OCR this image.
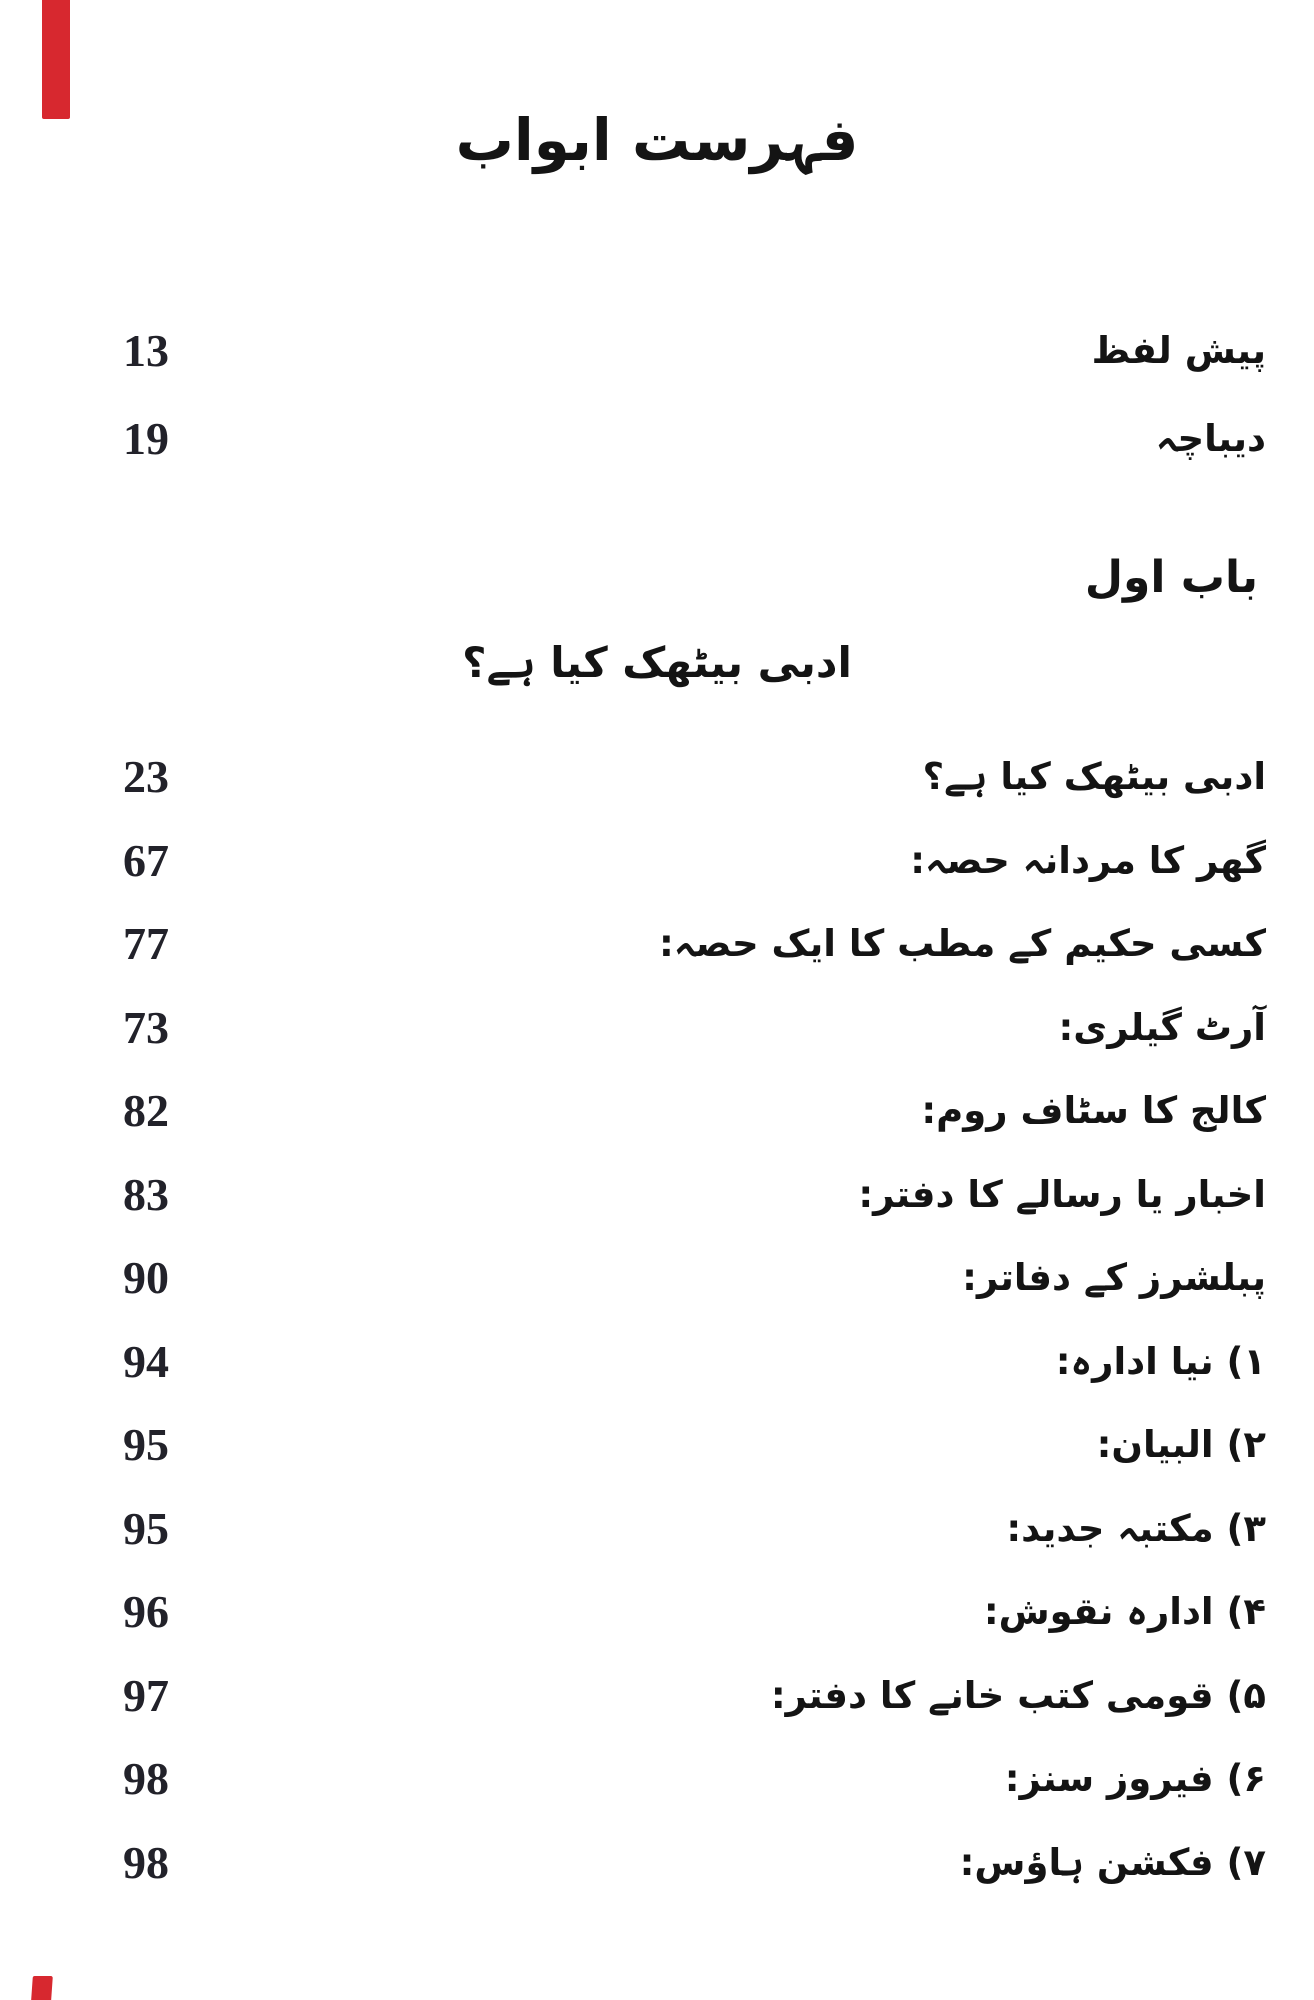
فہرست ابواب
13	پیش لفظ
19	دیباچہ
باب اول
ادبی بیٹھک کیا ہے؟
23	ادبی بیٹھک کیا ہے؟
67	گھر کا مردانہ حصہ:
77	کسی حکیم کے مطب کا ایک حصہ:
73	آرٹ گیلری:
82	کالج کا سٹاف روم:
83	اخبار یا رسالے کا دفتر:
90	پبلشرز کے دفاتر:
94	۱) نیا ادارہ:
95	۲) البیان:
95	۳) مکتبہ جدید:
96	۴) ادارہ نقوش:
97	۵) قومی کتب خانے کا دفتر:
98	۶) فیروز سنز:
98	۷) فکشن ہاؤس:
